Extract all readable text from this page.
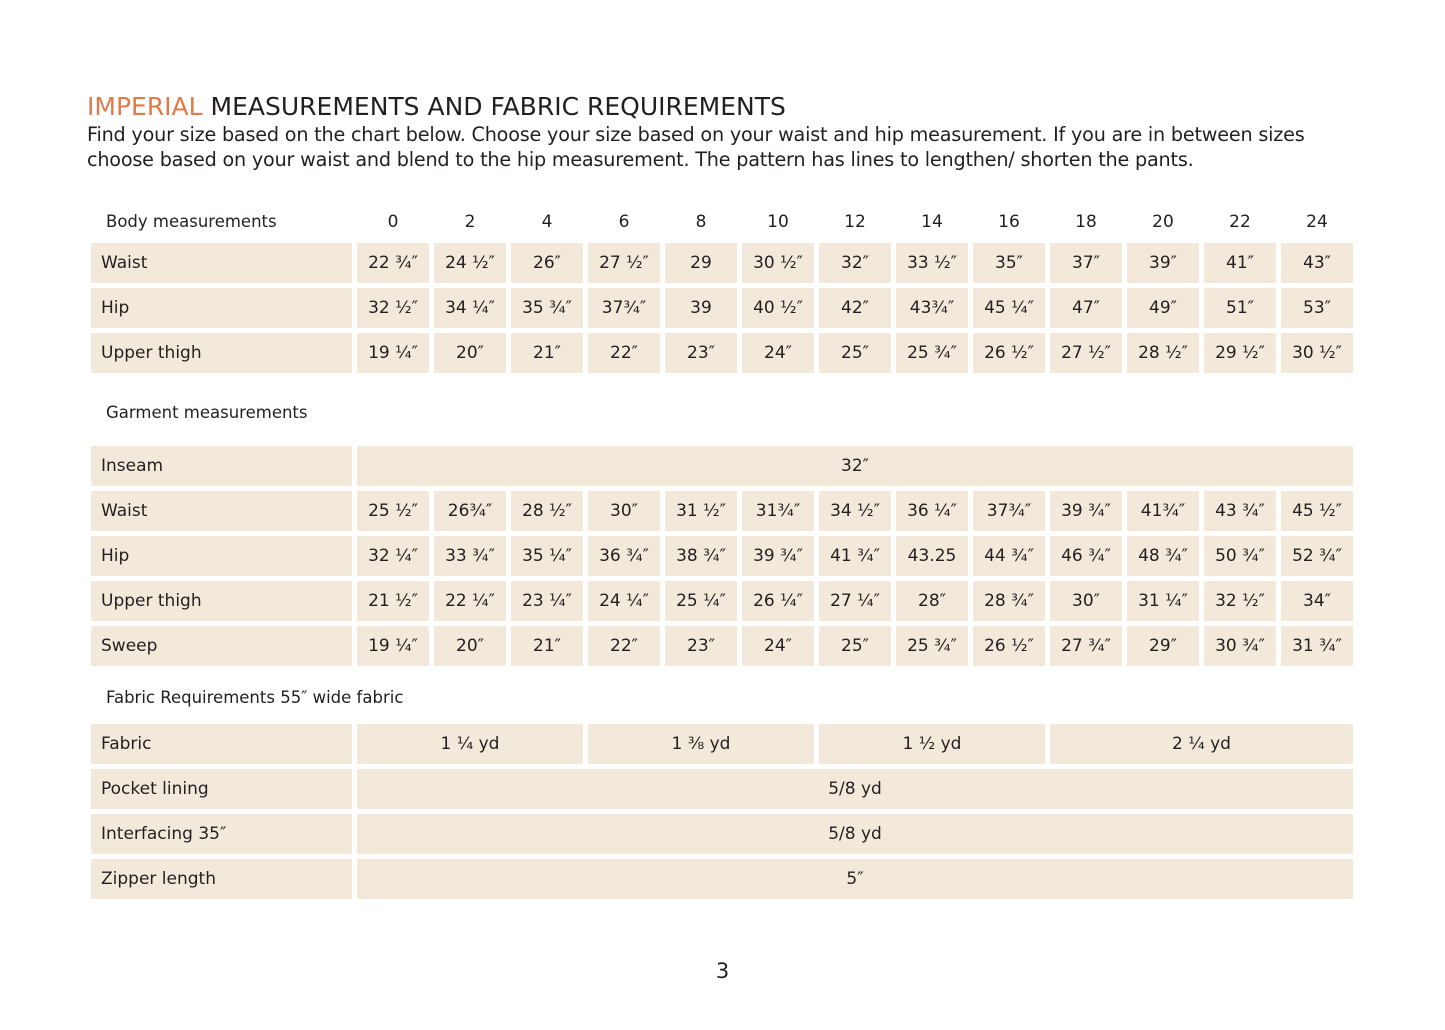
IMPERIAL MEASUREMENTS AND FABRIC REQUIREMENTS
Find your size based on the chart below. Choose your size based on your waist and hip measurement. If you are in between sizes
choose based on your waist and blend to the hip measurement. The pattern has lines to lengthen/ shorten the pants.
Body measurements	0	2	4	6	8	10	12	14	16	18	20	22	24
Waist	22 ¾″	24 ½″	26″	27 ½″	29	30 ½″	32″	33 ½″	35″	37″	39″	41″	43″
Hip	32 ½″	34 ¼″	35 ¾″	37¾″	39	40 ½″	42″	43¾″	45 ¼″	47″	49″	51″	53″
Upper thigh	19 ¼″	20″	21″	22″	23″	24″	25″	25 ¾″	26 ½″	27 ½″	28 ½″	29 ½″	30 ½″
Garment measurements
Inseam	32″
Waist	25 ½″	26¾″	28 ½″	30″	31 ½″	31¾″	34 ½″	36 ¼″	37¾″	39 ¾″	41¾″	43 ¾″	45 ½″
Hip	32 ¼″	33 ¾″	35 ¼″	36 ¾″	38 ¾″	39 ¾″	41 ¾″	43.25	44 ¾″	46 ¾″	48 ¾″	50 ¾″	52 ¾″
Upper thigh	21 ½″	22 ¼″	23 ¼″	24 ¼″	25 ¼″	26 ¼″	27 ¼″	28″	28 ¾″	30″	31 ¼″	32 ½″	34″
Sweep	19 ¼″	20″	21″	22″	23″	24″	25″	25 ¾″	26 ½″	27 ¾″	29″	30 ¾″	31 ¾″
Fabric Requirements 55″ wide fabric
Fabric	1 ¼ yd	1 ⅜ yd	1 ½ yd	2 ¼ yd
Pocket lining	5/8 yd
Interfacing 35″	5/8 yd
Zipper length	5″
3
